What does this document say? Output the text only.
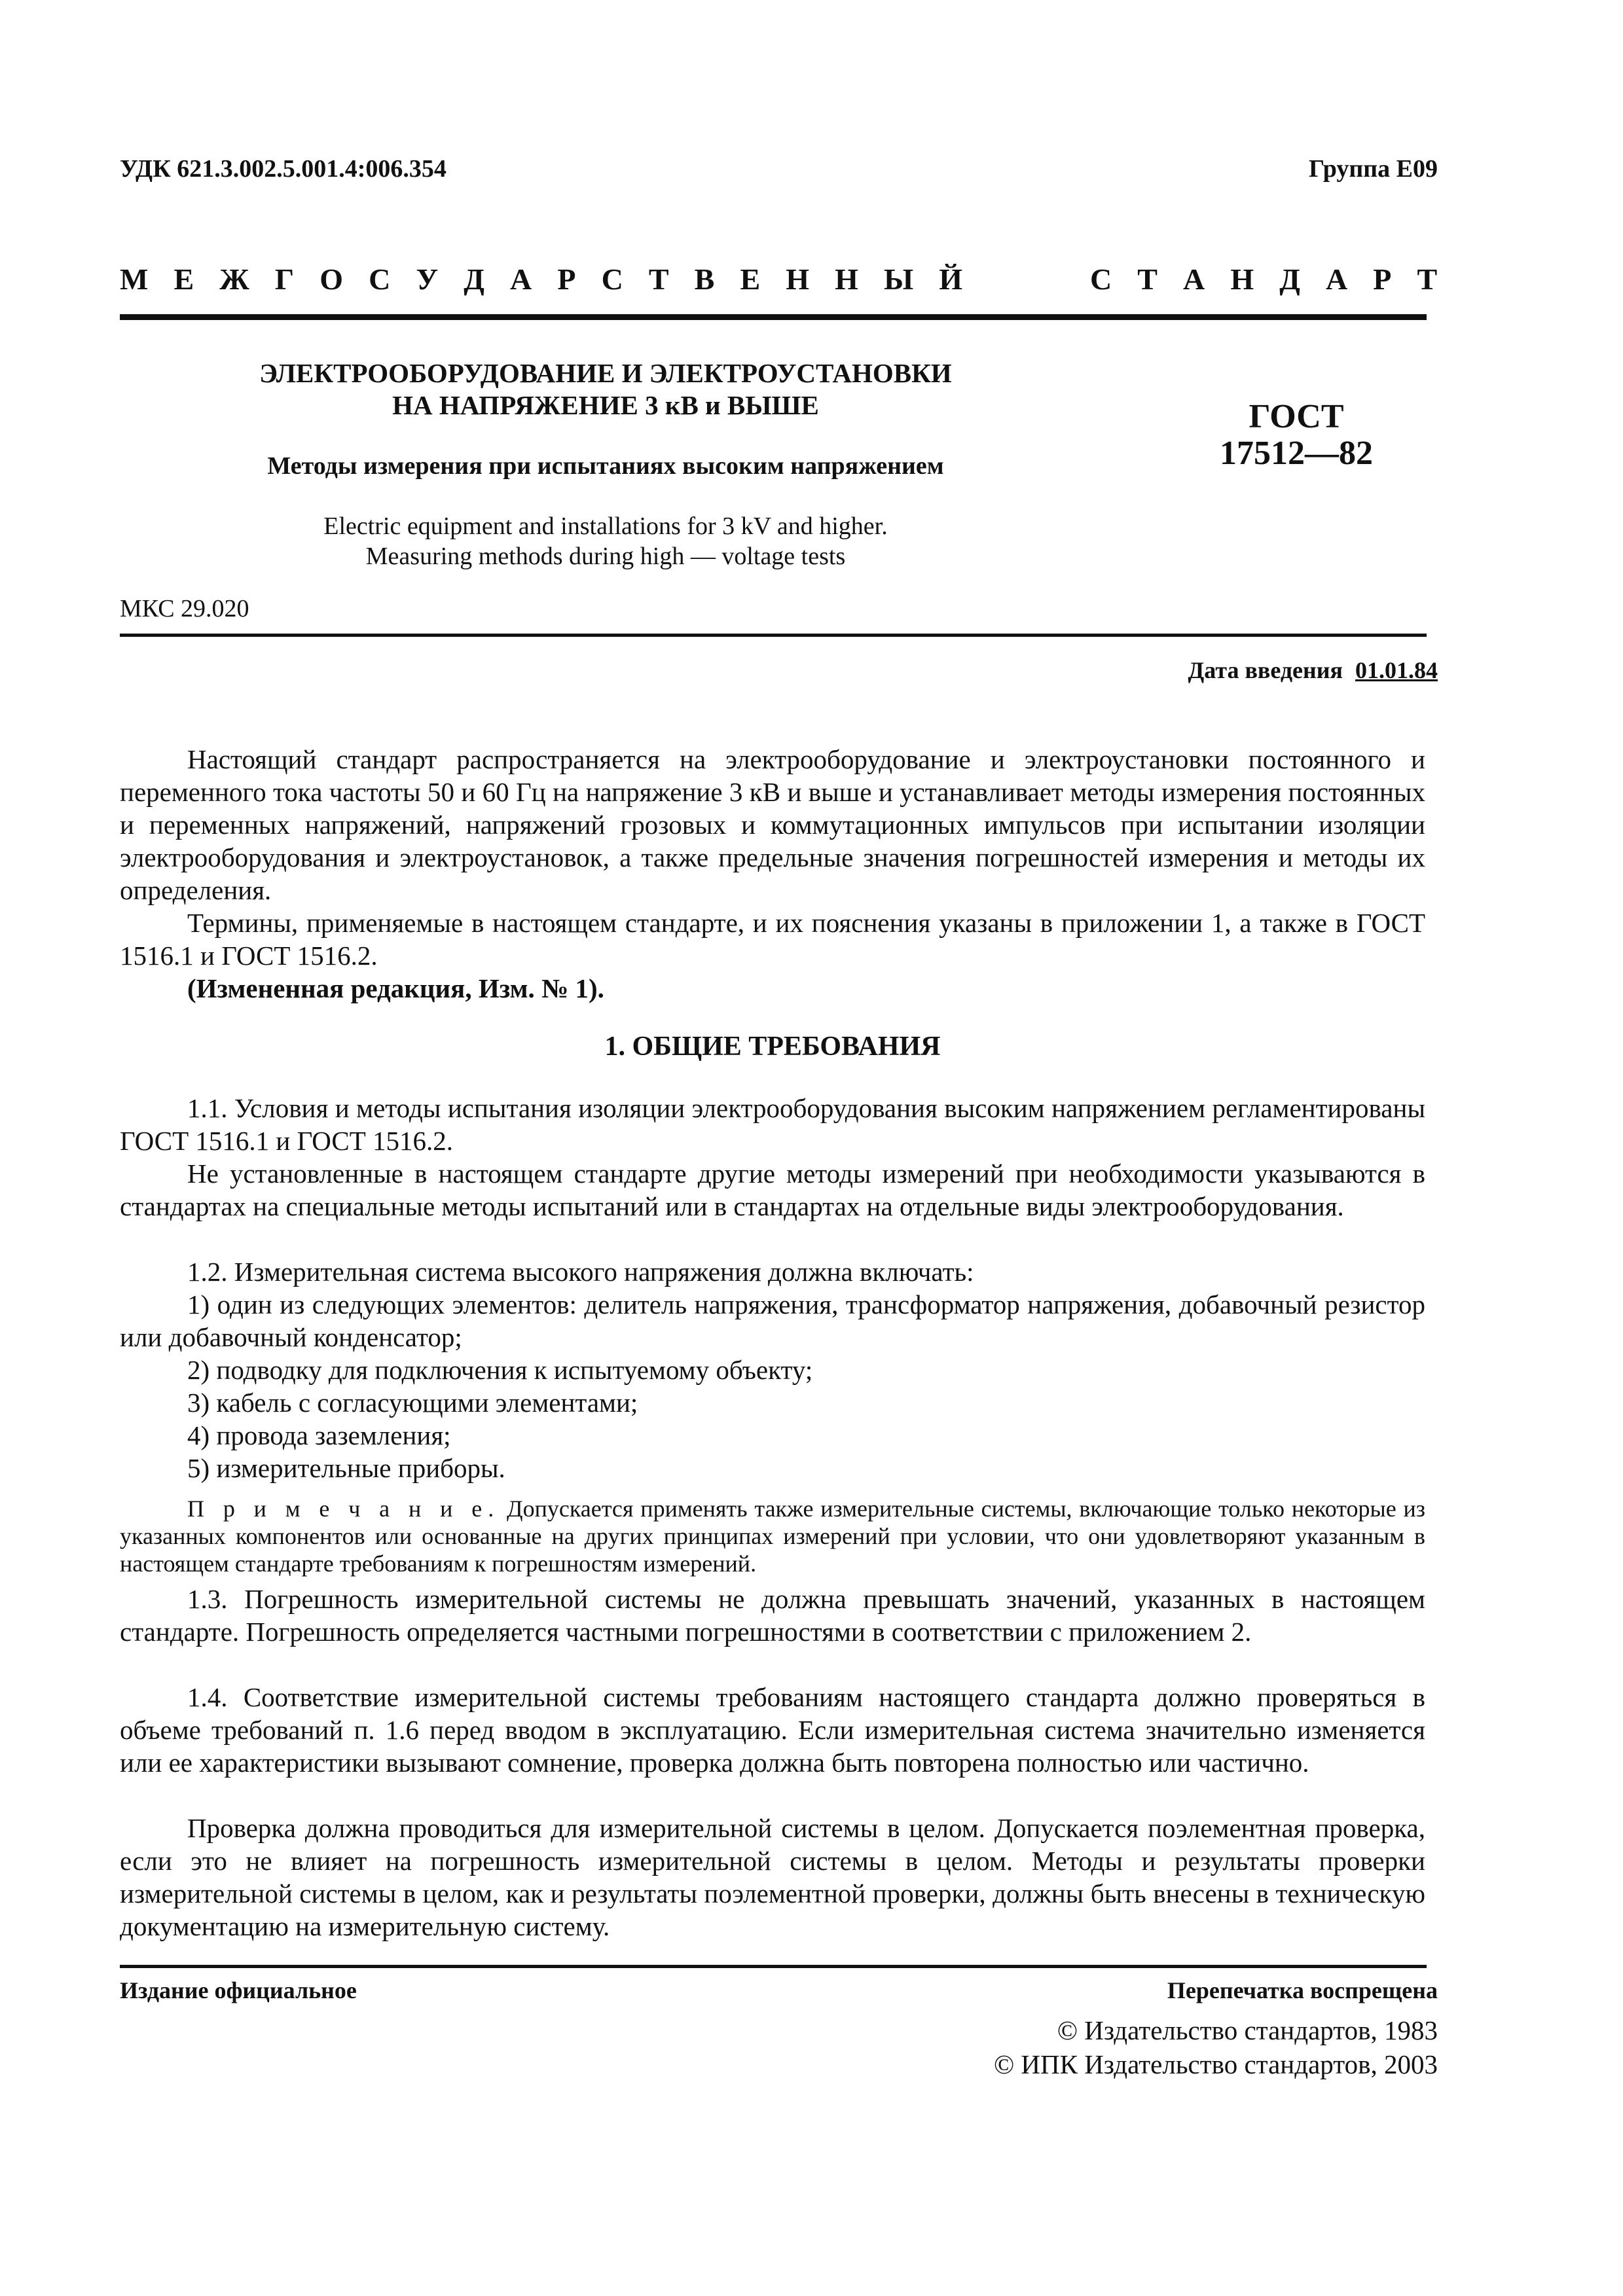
УДК 621.3.002.5.001.4:006.354	Группа Е09
М Е Ж Г О С У Д А Р С Т В Е Н Н Ы Й	С Т А Н Д А Р Т
ЭЛЕКТРООБОРУДОВАНИЕ И ЭЛЕКТРОУСТАНОВКИ
НА НАПРЯЖЕНИЕ 3 кВ и ВЫШЕ
Методы измерения при испытаниях высоким напряжением
Electric equipment and installations for 3 kV and higher.
Measuring methods during high — voltage tests
ГОСТ
17512—82
МКС 29.020
Дата введения 01.01.84
Настоящий стандарт распространяется на электрооборудование и электроустановки постоянного и переменного тока частоты 50 и 60 Гц на напряжение 3 кВ и выше и устанавливает методы измерения постоянных и переменных напряжений, напряжений грозовых и коммутационных импульсов при испытании изоляции электрооборудования и электроустановок, а также предельные значения погрешностей измерения и методы их определения.
Термины, применяемые в настоящем стандарте, и их пояснения указаны в приложении 1, а также в ГОСТ 1516.1 и ГОСТ 1516.2.
(Измененная редакция, Изм. № 1).
1. ОБЩИЕ ТРЕБОВАНИЯ
1.1. Условия и методы испытания изоляции электрооборудования высоким напряжением регламентированы ГОСТ 1516.1 и ГОСТ 1516.2.
Не установленные в настоящем стандарте другие методы измерений при необходимости указываются в стандартах на специальные методы испытаний или в стандартах на отдельные виды электрооборудования.
1.2. Измерительная система высокого напряжения должна включать:
1) один из следующих элементов: делитель напряжения, трансформатор напряжения, добавочный резистор или добавочный конденсатор;
2) подводку для подключения к испытуемому объекту;
3) кабель с согласующими элементами;
4) провода заземления;
5) измерительные приборы.
П р и м е ч а н и е. Допускается применять также измерительные системы, включающие только некоторые из указанных компонентов или основанные на других принципах измерений при условии, что они удовлетворяют указанным в настоящем стандарте требованиям к погрешностям измерений.
1.3. Погрешность измерительной системы не должна превышать значений, указанных в настоящем стандарте. Погрешность определяется частными погрешностями в соответствии с приложением 2.
1.4. Соответствие измерительной системы требованиям настоящего стандарта должно проверяться в объеме требований п. 1.6 перед вводом в эксплуатацию. Если измерительная система значительно изменяется или ее характеристики вызывают сомнение, проверка должна быть повторена полностью или частично.
Проверка должна проводиться для измерительной системы в целом. Допускается поэлементная проверка, если это не влияет на погрешность измерительной системы в целом. Методы и результаты проверки измерительной системы в целом, как и результаты поэлементной проверки, должны быть внесены в техническую документацию на измерительную систему.
Издание официальное	Перепечатка воспрещена
© Издательство стандартов, 1983
© ИПК Издательство стандартов, 2003
